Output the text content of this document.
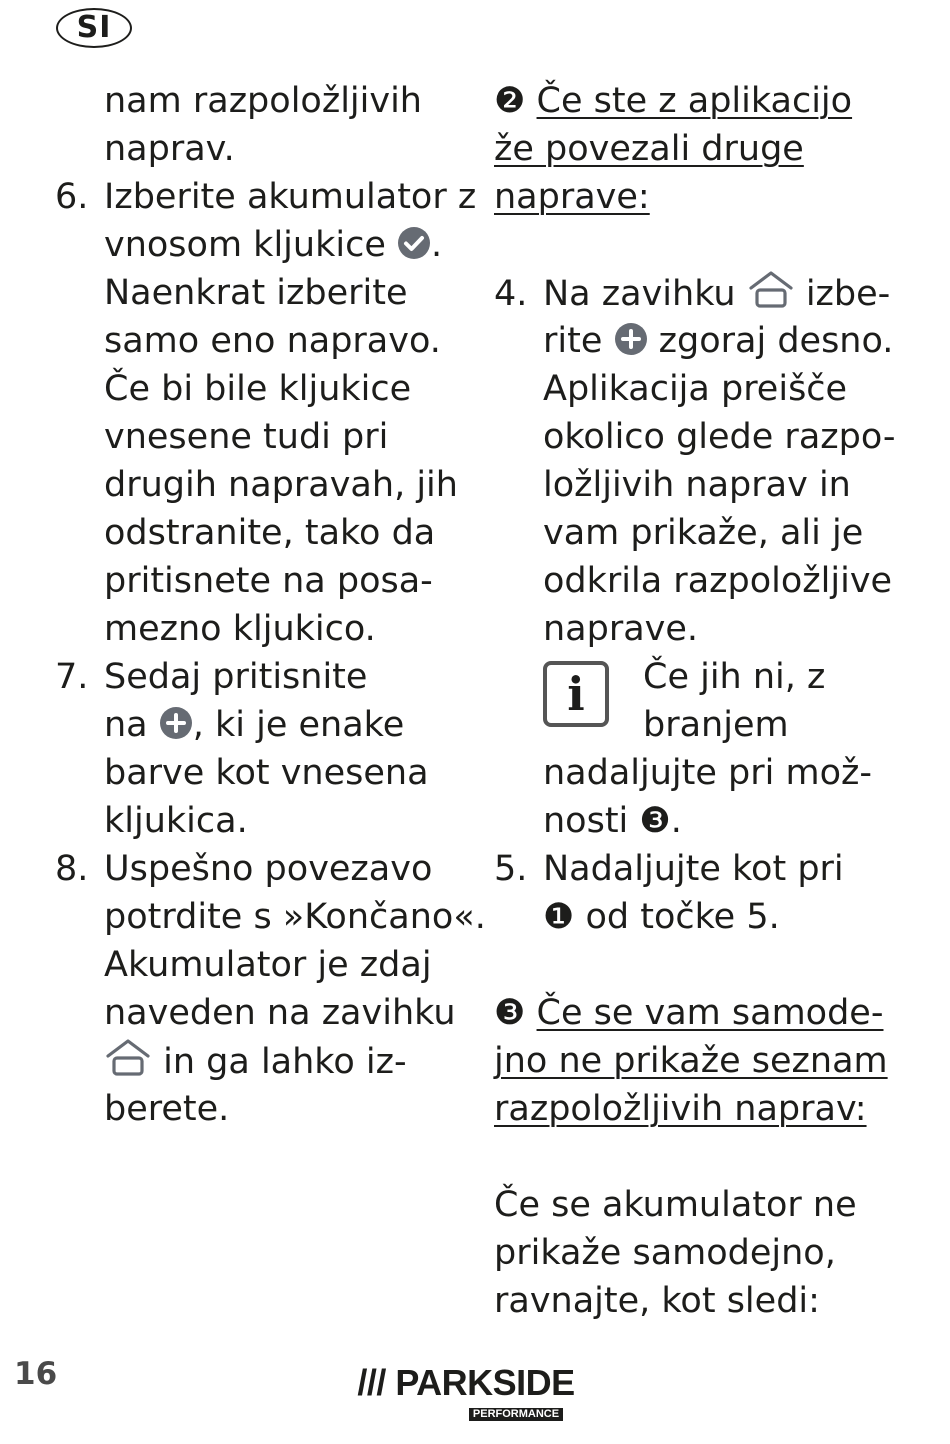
SI
nam razpoložljivih
naprav.
6. Izberite akumulator z
vnosom kljukice .
Naenkrat izberite
samo eno napravo.
Če bi bile kljukice
vnesene tudi pri
drugih napravah, jih
odstranite, tako da
pritisnete na posa-
mezno kljukico.
7. Sedaj pritisnite
na , ki je enake
barve kot vnesena
kljukica.
8. Uspešno povezavo
potrdite s »Končano«.
Akumulator je zdaj
naveden na zavihku
in ga lahko iz-
berete.
❷ Če ste z aplikacijo
že povezali druge
naprave:
4. Na zavihku  izbe-
rite  zgoraj desno.
Aplikacija preišče
okolico glede razpo-
ložljivih naprav in
vam prikaže, ali je
odkrila razpoložljive
naprave.
i	Če jih ni, z
branjem
nadaljujte pri mož-
nosti ❸.
5. Nadaljujte kot pri
❶ od točke 5.
❸ Če se vam samode-
jno ne prikaže seznam
razpoložljivih naprav:
Če se akumulator ne
prikaže samodejno,
ravnajte, kot sledi:
16	/// PARKSIDE
PERFORMANCE
